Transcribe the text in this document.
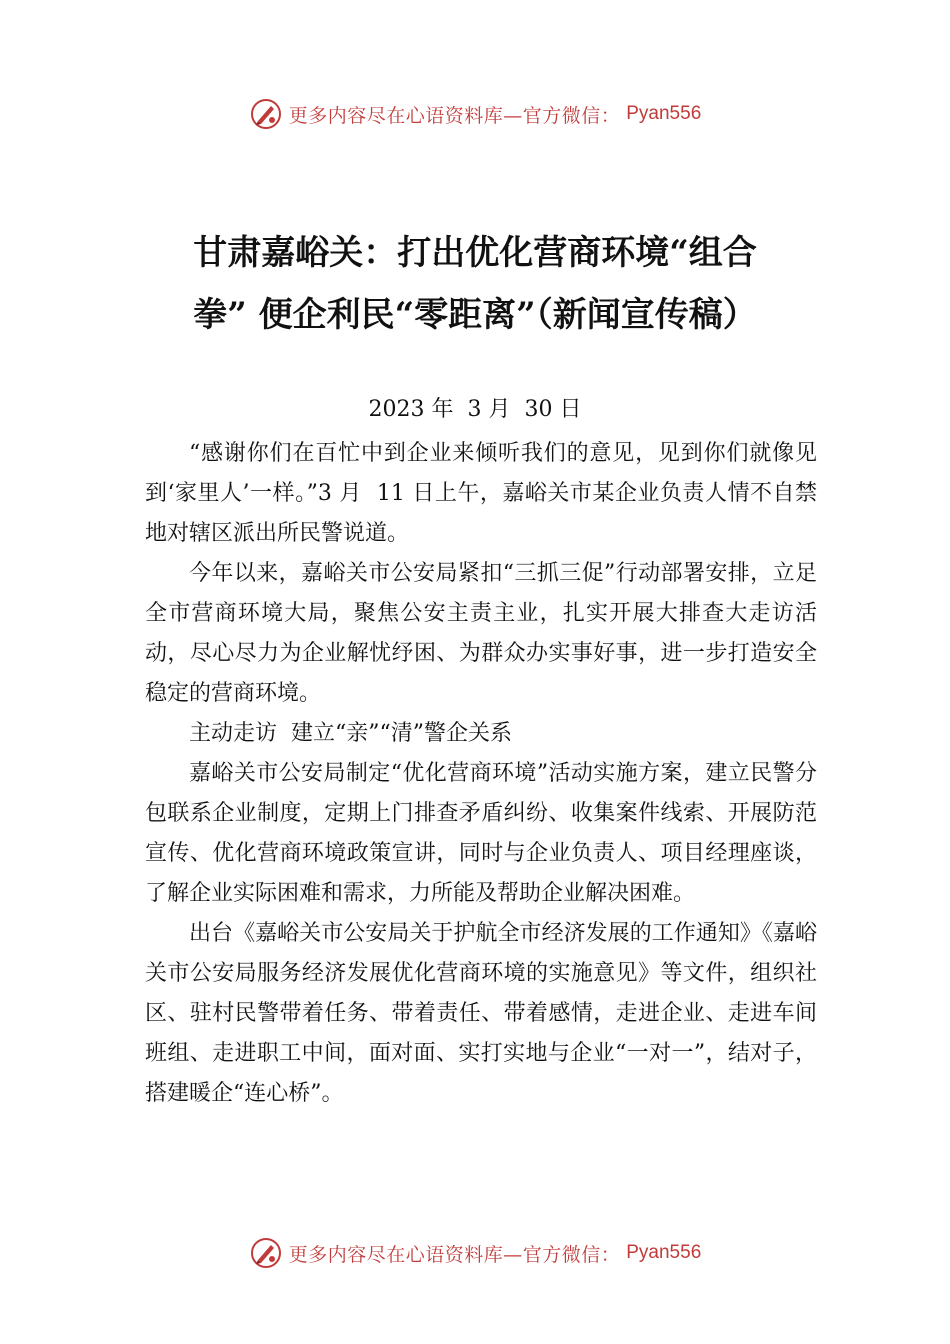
更多内容尽在心语资料库—官方微信： Pyan556
甘肃嘉峪关：打出优化营商环境“组合
拳” 便企利民“零距离”（新闻宣传稿）

2023 年  3 月  30 日

“感谢你们在百忙中到企业来倾听我们的意见，见到你们就像见到‘家里人’一样。”3 月  11 日上午，嘉峪关市某企业负责人情不自禁地对辖区派出所民警说道。

今年以来，嘉峪关市公安局紧扣“三抓三促”行动部署安排，立足全市营商环境大局，聚焦公安主责主业，扎实开展大排查大走访活动，尽心尽力为企业解忧纾困、为群众办实事好事，进一步打造安全稳定的营商环境。

主动走访  建立“亲”“清”警企关系

嘉峪关市公安局制定“优化营商环境”活动实施方案，建立民警分包联系企业制度，定期上门排查矛盾纠纷、收集案件线索、开展防范宣传、优化营商环境政策宣讲，同时与企业负责人、项目经理座谈，了解企业实际困难和需求，力所能及帮助企业解决困难。

出台《嘉峪关市公安局关于护航全市经济发展的工作通知》《嘉峪关市公安局服务经济发展优化营商环境的实施意见》等文件，组织社区、驻村民警带着任务、带着责任、带着感情，走进企业、走进车间班组、走进职工中间，面对面、实打实地与企业“一对一”，结对子，搭建暖企“连心桥”。

更多内容尽在心语资料库—官方微信： Pyan556
